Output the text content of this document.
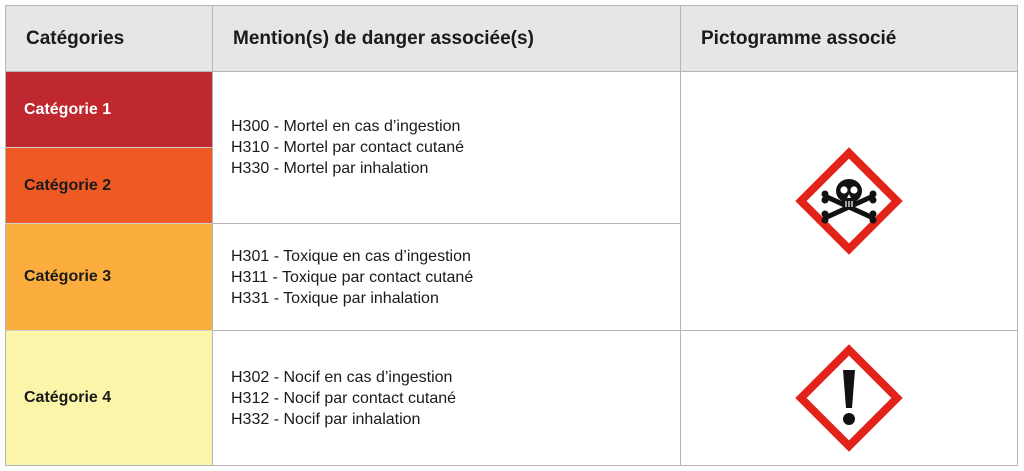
Catégories	Mention(s) de danger associée(s)	Pictogramme associé
Catégorie 1
Catégorie 2
Catégorie 3
Catégorie 4
H300 - Mortel en cas d’ingestion
H310 - Mortel par contact cutané
H330 - Mortel par inhalation
H301 - Toxique en cas d’ingestion
H311 - Toxique par contact cutané
H331 - Toxique par inhalation
H302 - Nocif en cas d’ingestion
H312 - Nocif par contact cutané
H332 - Nocif par inhalation
